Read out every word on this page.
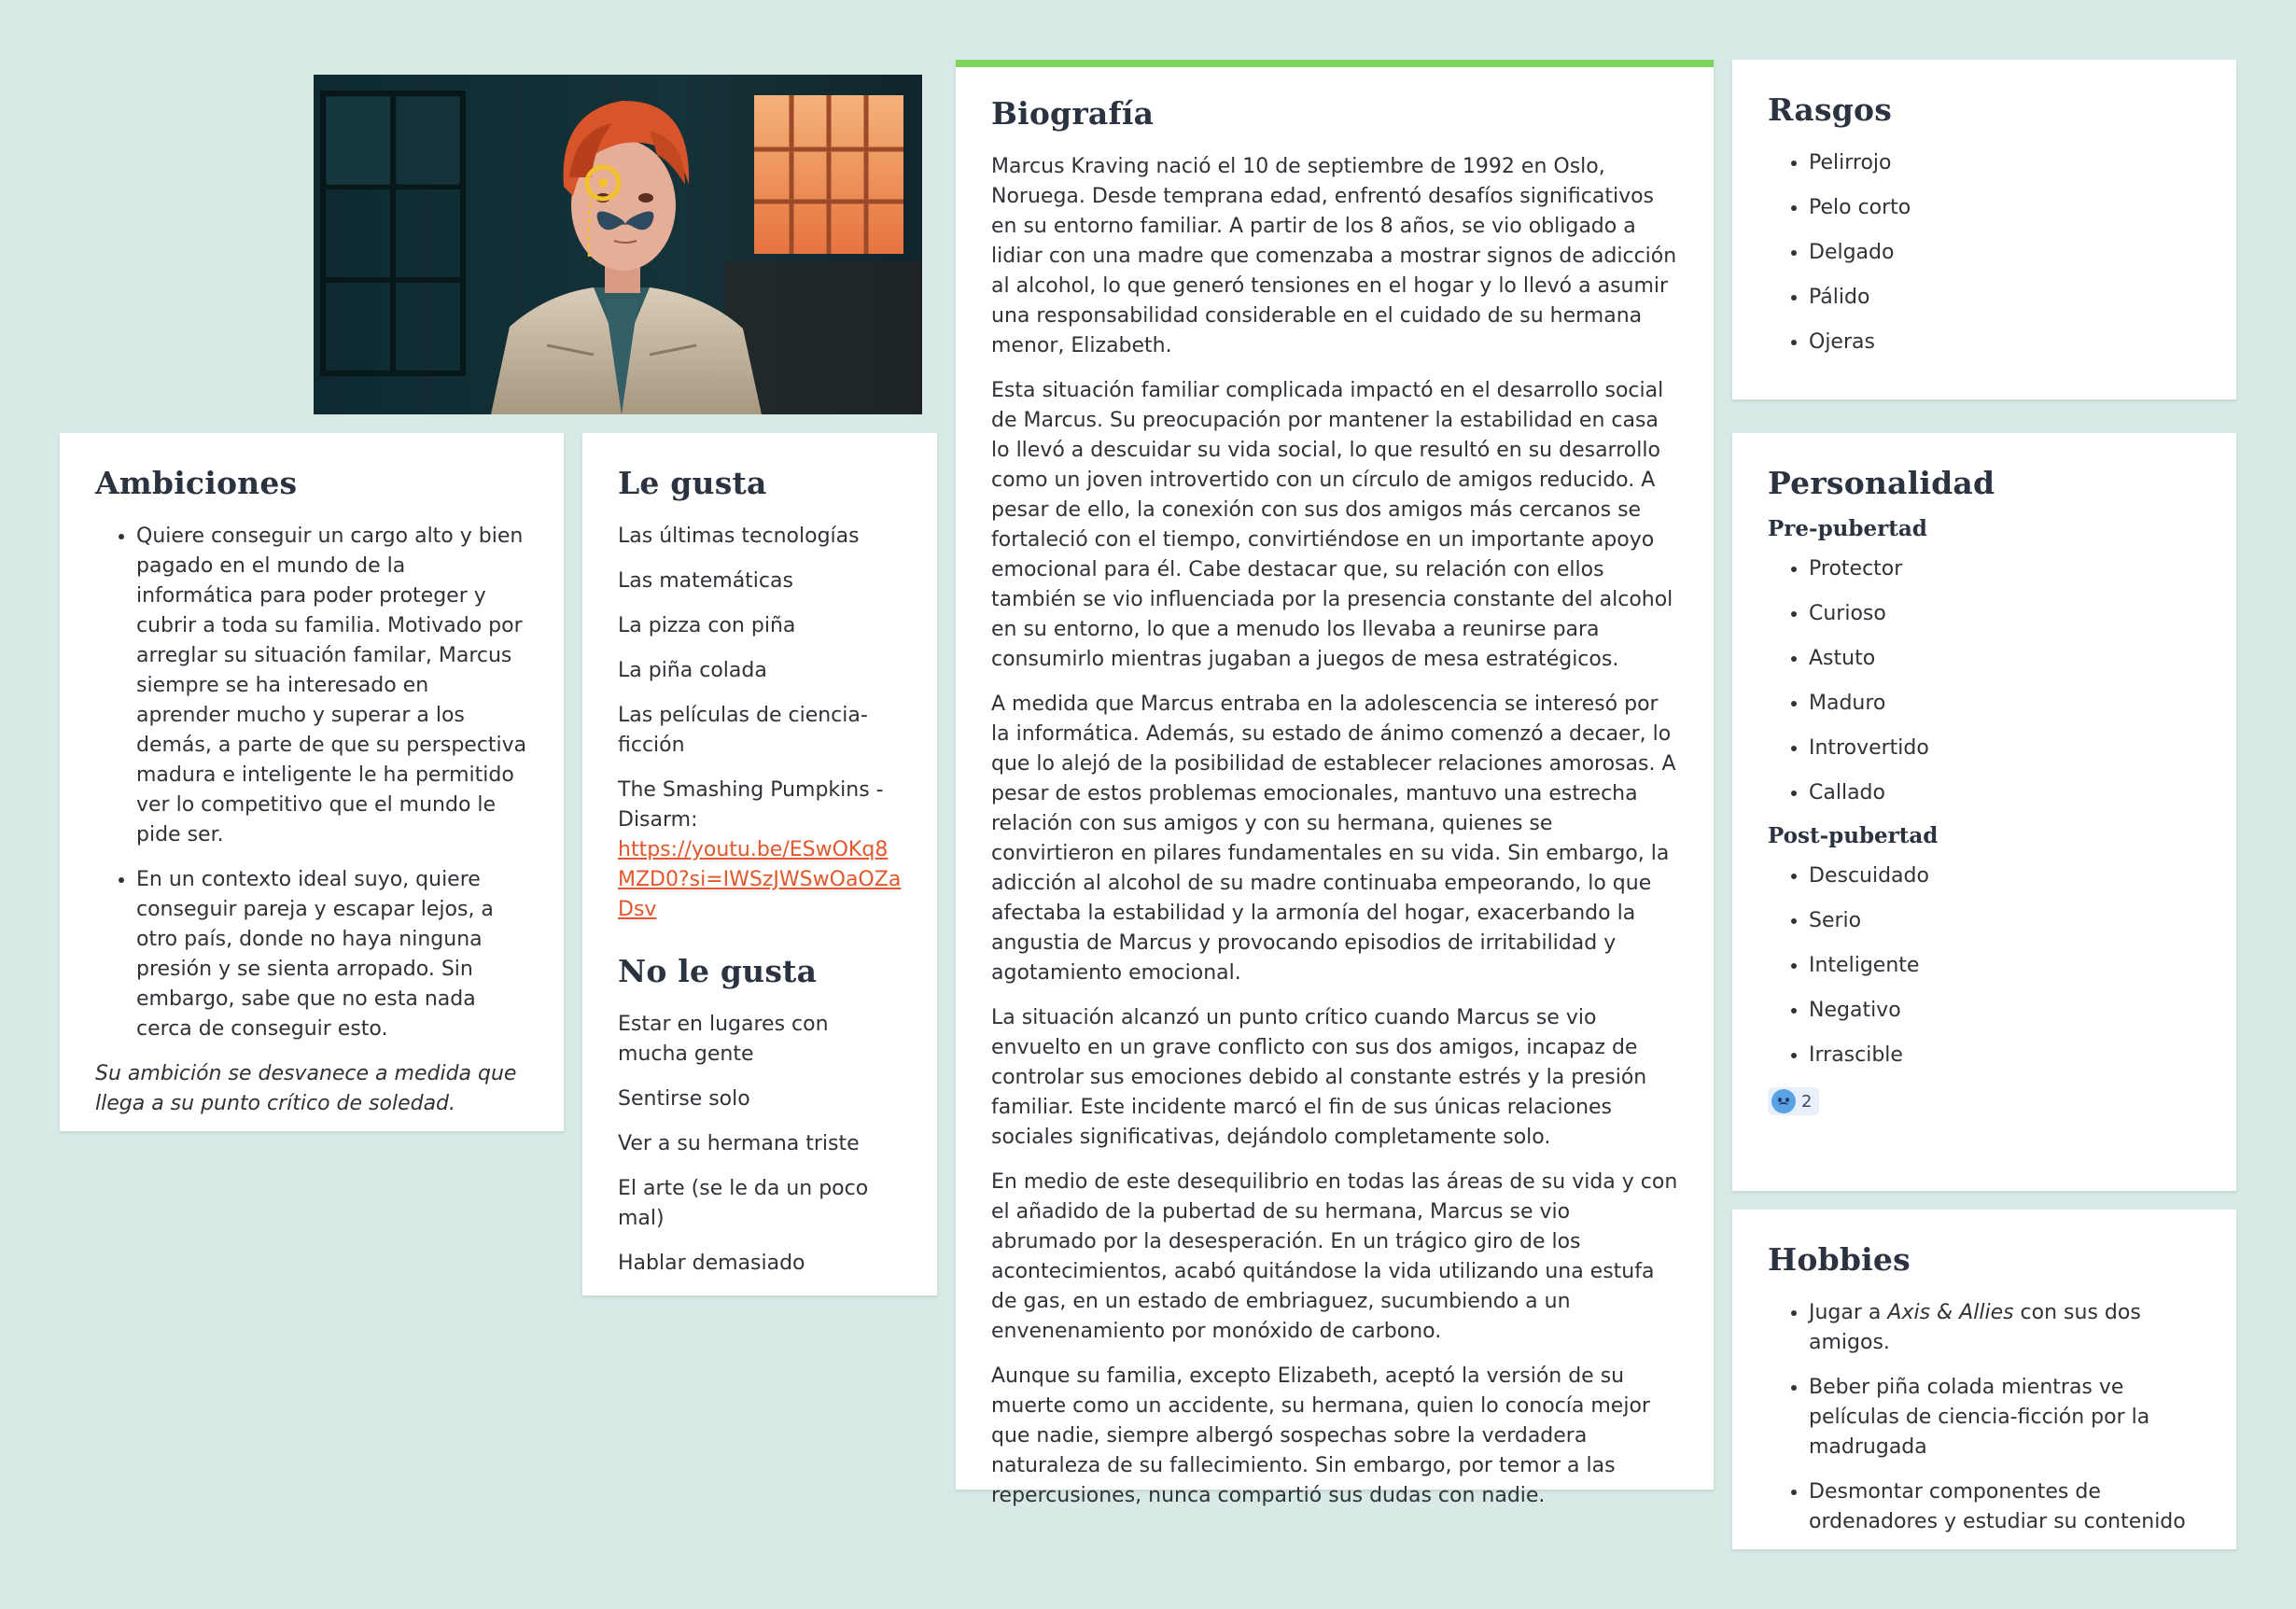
Ambiciones
• Quiere conseguir un cargo alto y bien pagado en el mundo de la informática para poder proteger y cubrir a toda su familia. Motivado por arreglar su situación familar, Marcus siempre se ha interesado en aprender mucho y superar a los demás, a parte de que su perspectiva madura e inteligente le ha permitido ver lo competitivo que el mundo le pide ser.
• En un contexto ideal suyo, quiere conseguir pareja y escapar lejos, a otro país, donde no haya ninguna presión y se sienta arropado. Sin embargo, sabe que no esta nada cerca de conseguir esto.

Su ambición se desvanece a medida que llega a su punto crítico de soledad.

Le gusta

Las últimas tecnologías

Las matemáticas

La pizza con piña

La piña colada

Las películas de ciencia-ficción

The Smashing Pumpkins - Disarm:
https://youtu.be/ESwOKq8MZD0?si=IWSzJWSwOaOZaDsv

No le gusta

Estar en lugares con mucha gente

Sentirse solo

Ver a su hermana triste

El arte (se le da un poco mal)

Hablar demasiado

Biografía

Marcus Kraving nació el 10 de septiembre de 1992 en Oslo, Noruega. Desde temprana edad, enfrentó desafíos significativos en su entorno familiar. A partir de los 8 años, se vio obligado a lidiar con una madre que comenzaba a mostrar signos de adicción al alcohol, lo que generó tensiones en el hogar y lo llevó a asumir una responsabilidad considerable en el cuidado de su hermana menor, Elizabeth.

Esta situación familiar complicada impactó en el desarrollo social de Marcus. Su preocupación por mantener la estabilidad en casa lo llevó a descuidar su vida social, lo que resultó en su desarrollo como un joven introvertido con un círculo de amigos reducido. A pesar de ello, la conexión con sus dos amigos más cercanos se fortaleció con el tiempo, convirtiéndose en un importante apoyo emocional para él. Cabe destacar que, su relación con ellos también se vio influenciada por la presencia constante del alcohol en su entorno, lo que a menudo los llevaba a reunirse para consumirlo mientras jugaban a juegos de mesa estratégicos.

A medida que Marcus entraba en la adolescencia se interesó por la informática. Además, su estado de ánimo comenzó a decaer, lo que lo alejó de la posibilidad de establecer relaciones amorosas. A pesar de estos problemas emocionales, mantuvo una estrecha relación con sus amigos y con su hermana, quienes se convirtieron en pilares fundamentales en su vida. Sin embargo, la adicción al alcohol de su madre continuaba empeorando, lo que afectaba la estabilidad y la armonía del hogar, exacerbando la angustia de Marcus y provocando episodios de irritabilidad y agotamiento emocional.

La situación alcanzó un punto crítico cuando Marcus se vio envuelto en un grave conflicto con sus dos amigos, incapaz de controlar sus emociones debido al constante estrés y la presión familiar. Este incidente marcó el fin de sus únicas relaciones sociales significativas, dejándolo completamente solo.

En medio de este desequilibrio en todas las áreas de su vida y con el añadido de la pubertad de su hermana, Marcus se vio abrumado por la desesperación. En un trágico giro de los acontecimientos, acabó quitándose la vida utilizando una estufa de gas, en un estado de embriaguez, sucumbiendo a un envenenamiento por monóxido de carbono.

Aunque su familia, excepto Elizabeth, aceptó la versión de su muerte como un accidente, su hermana, quien lo conocía mejor que nadie, siempre albergó sospechas sobre la verdadera naturaleza de su fallecimiento. Sin embargo, por temor a las repercusiones, nunca compartió sus dudas con nadie.

Rasgos
• Pelirrojo
• Pelo corto
• Delgado
• Pálido
• Ojeras
Personalidad
Pre-pubertad
• Protector
• Curioso
• Astuto
• Maduro
• Introvertido
• Callado
Post-pubertad
• Descuidado
• Serio
• Inteligente
• Negativo
• Irrascible
2
Hobbies
• Jugar a Axis & Allies con sus dos amigos.
• Beber piña colada mientras ve películas de ciencia-ficción por la madrugada
• Desmontar componentes de ordenadores y estudiar su contenido
